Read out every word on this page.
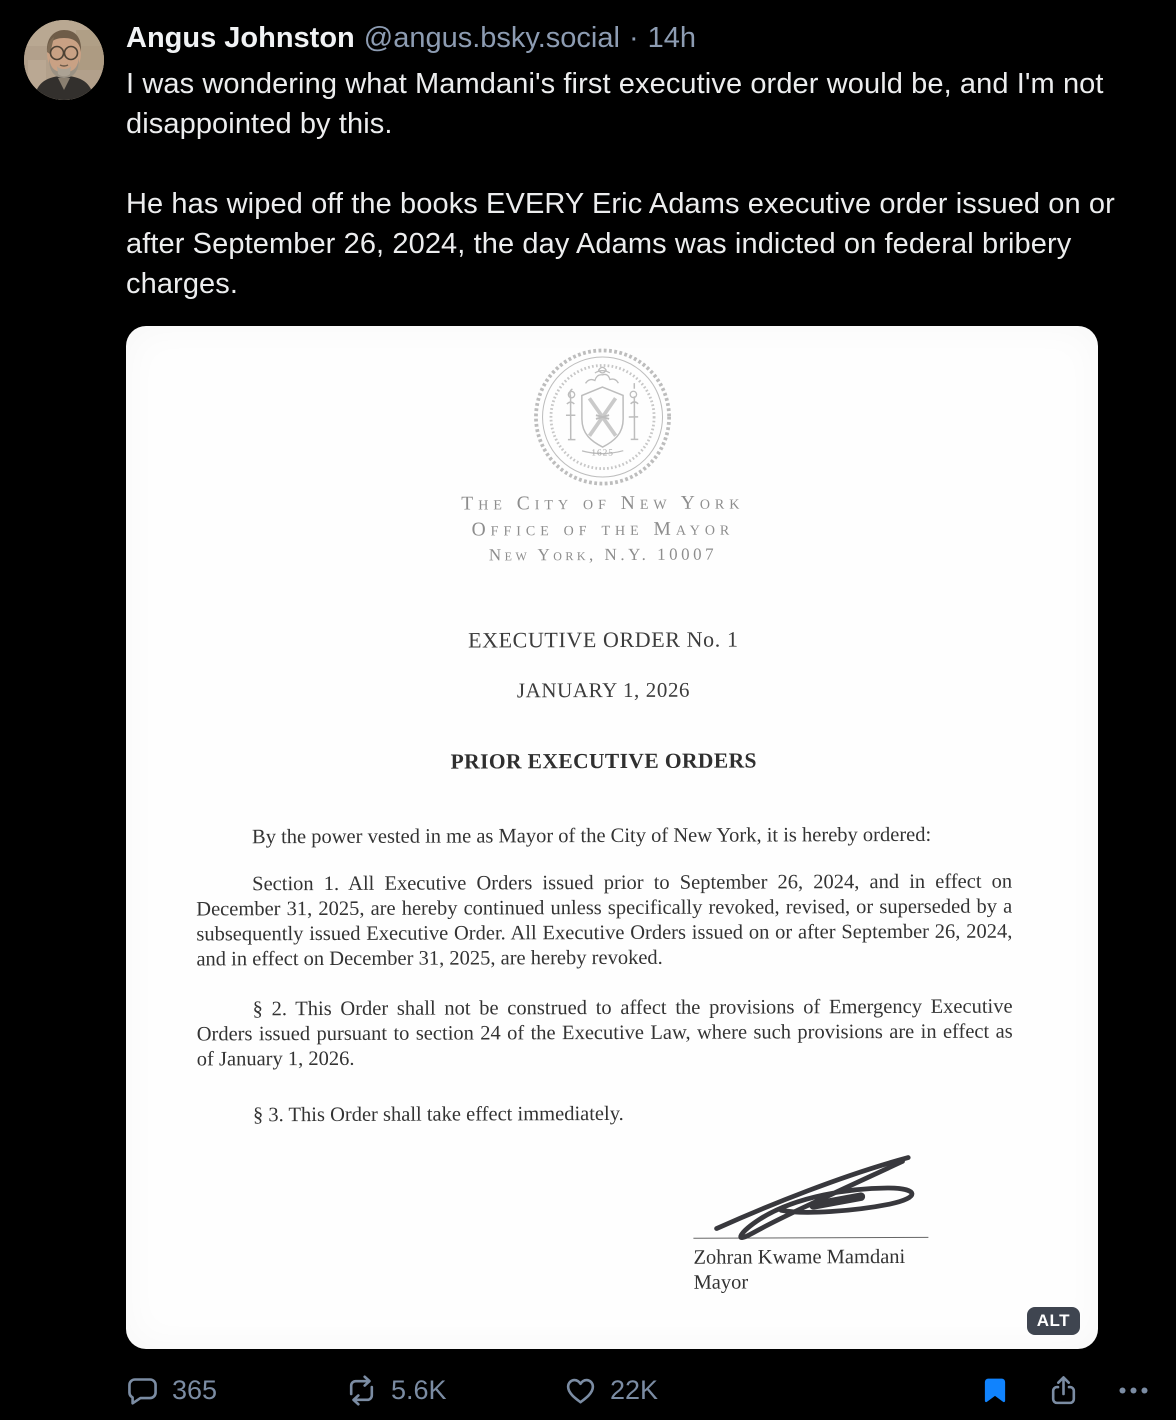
Angus Johnston @angus.bsky.social · 14h

I was wondering what Mamdani's first executive order would be, and I'm not disappointed by this.

He has wiped off the books EVERY Eric Adams executive order issued on or after September 26, 2024, the day Adams was indicted on federal bribery charges.

1625
The City of New York
Office of the Mayor
New York, N.Y. 10007
EXECUTIVE ORDER No. 1
JANUARY 1, 2026
PRIOR EXECUTIVE ORDERS

By the power vested in me as Mayor of the City of New York, it is hereby ordered:

Section 1. All Executive Orders issued prior to September 26, 2024, and in effect on December 31, 2025, are hereby continued unless specifically revoked, revised, or superseded by a subsequently issued Executive Order. All Executive Orders issued on or after September 26, 2024, and in effect on December 31, 2025, are hereby revoked.

§ 2. This Order shall not be construed to affect the provisions of Emergency Executive Orders issued pursuant to section 24 of the Executive Law, where such provisions are in effect as of January 1, 2026.

§ 3. This Order shall take effect immediately.

Zohran Kwame Mamdani
Mayor
ALT
365	5.6K	22K
